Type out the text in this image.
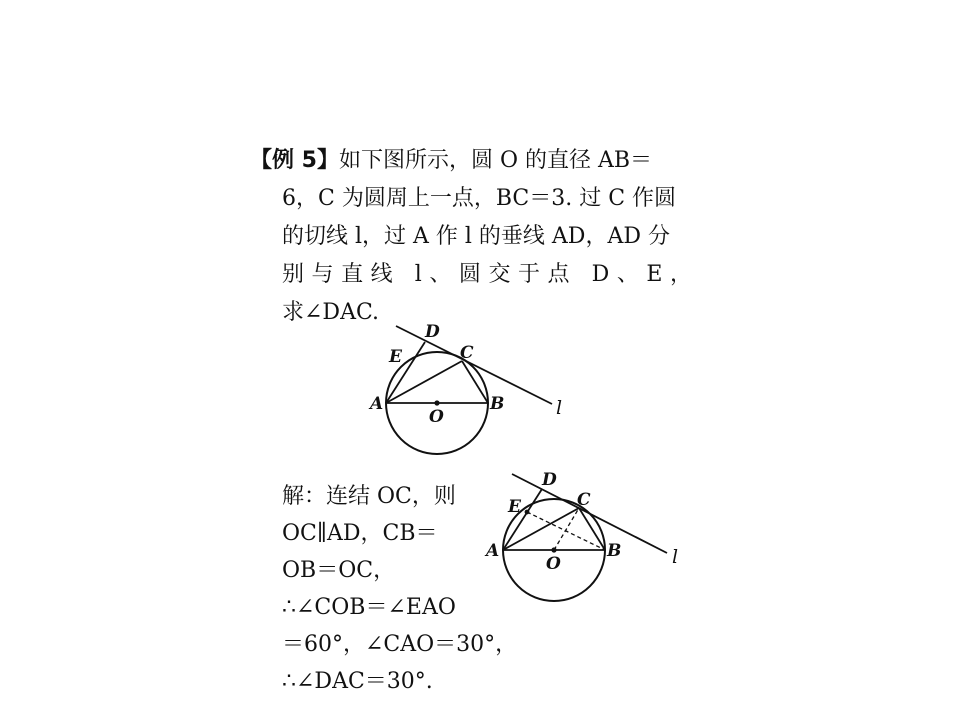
【例 5】如下图所示，圆 O 的直径 AB＝
6，C 为圆周上一点，BC＝3. 过 C 作圆
的切线 l，过 A 作 l 的垂线 AD，AD 分
别与直线 l、圆交于点 D、E，
求∠DAC.
D
E	C
A
O
B	l
D
E	C
A
O
B	l
解：连结 OC，则
OC∥AD，CB＝
OB＝OC，
∴∠COB＝∠EAO
＝60°，∠CAO＝30°，
∴∠DAC＝30°.
